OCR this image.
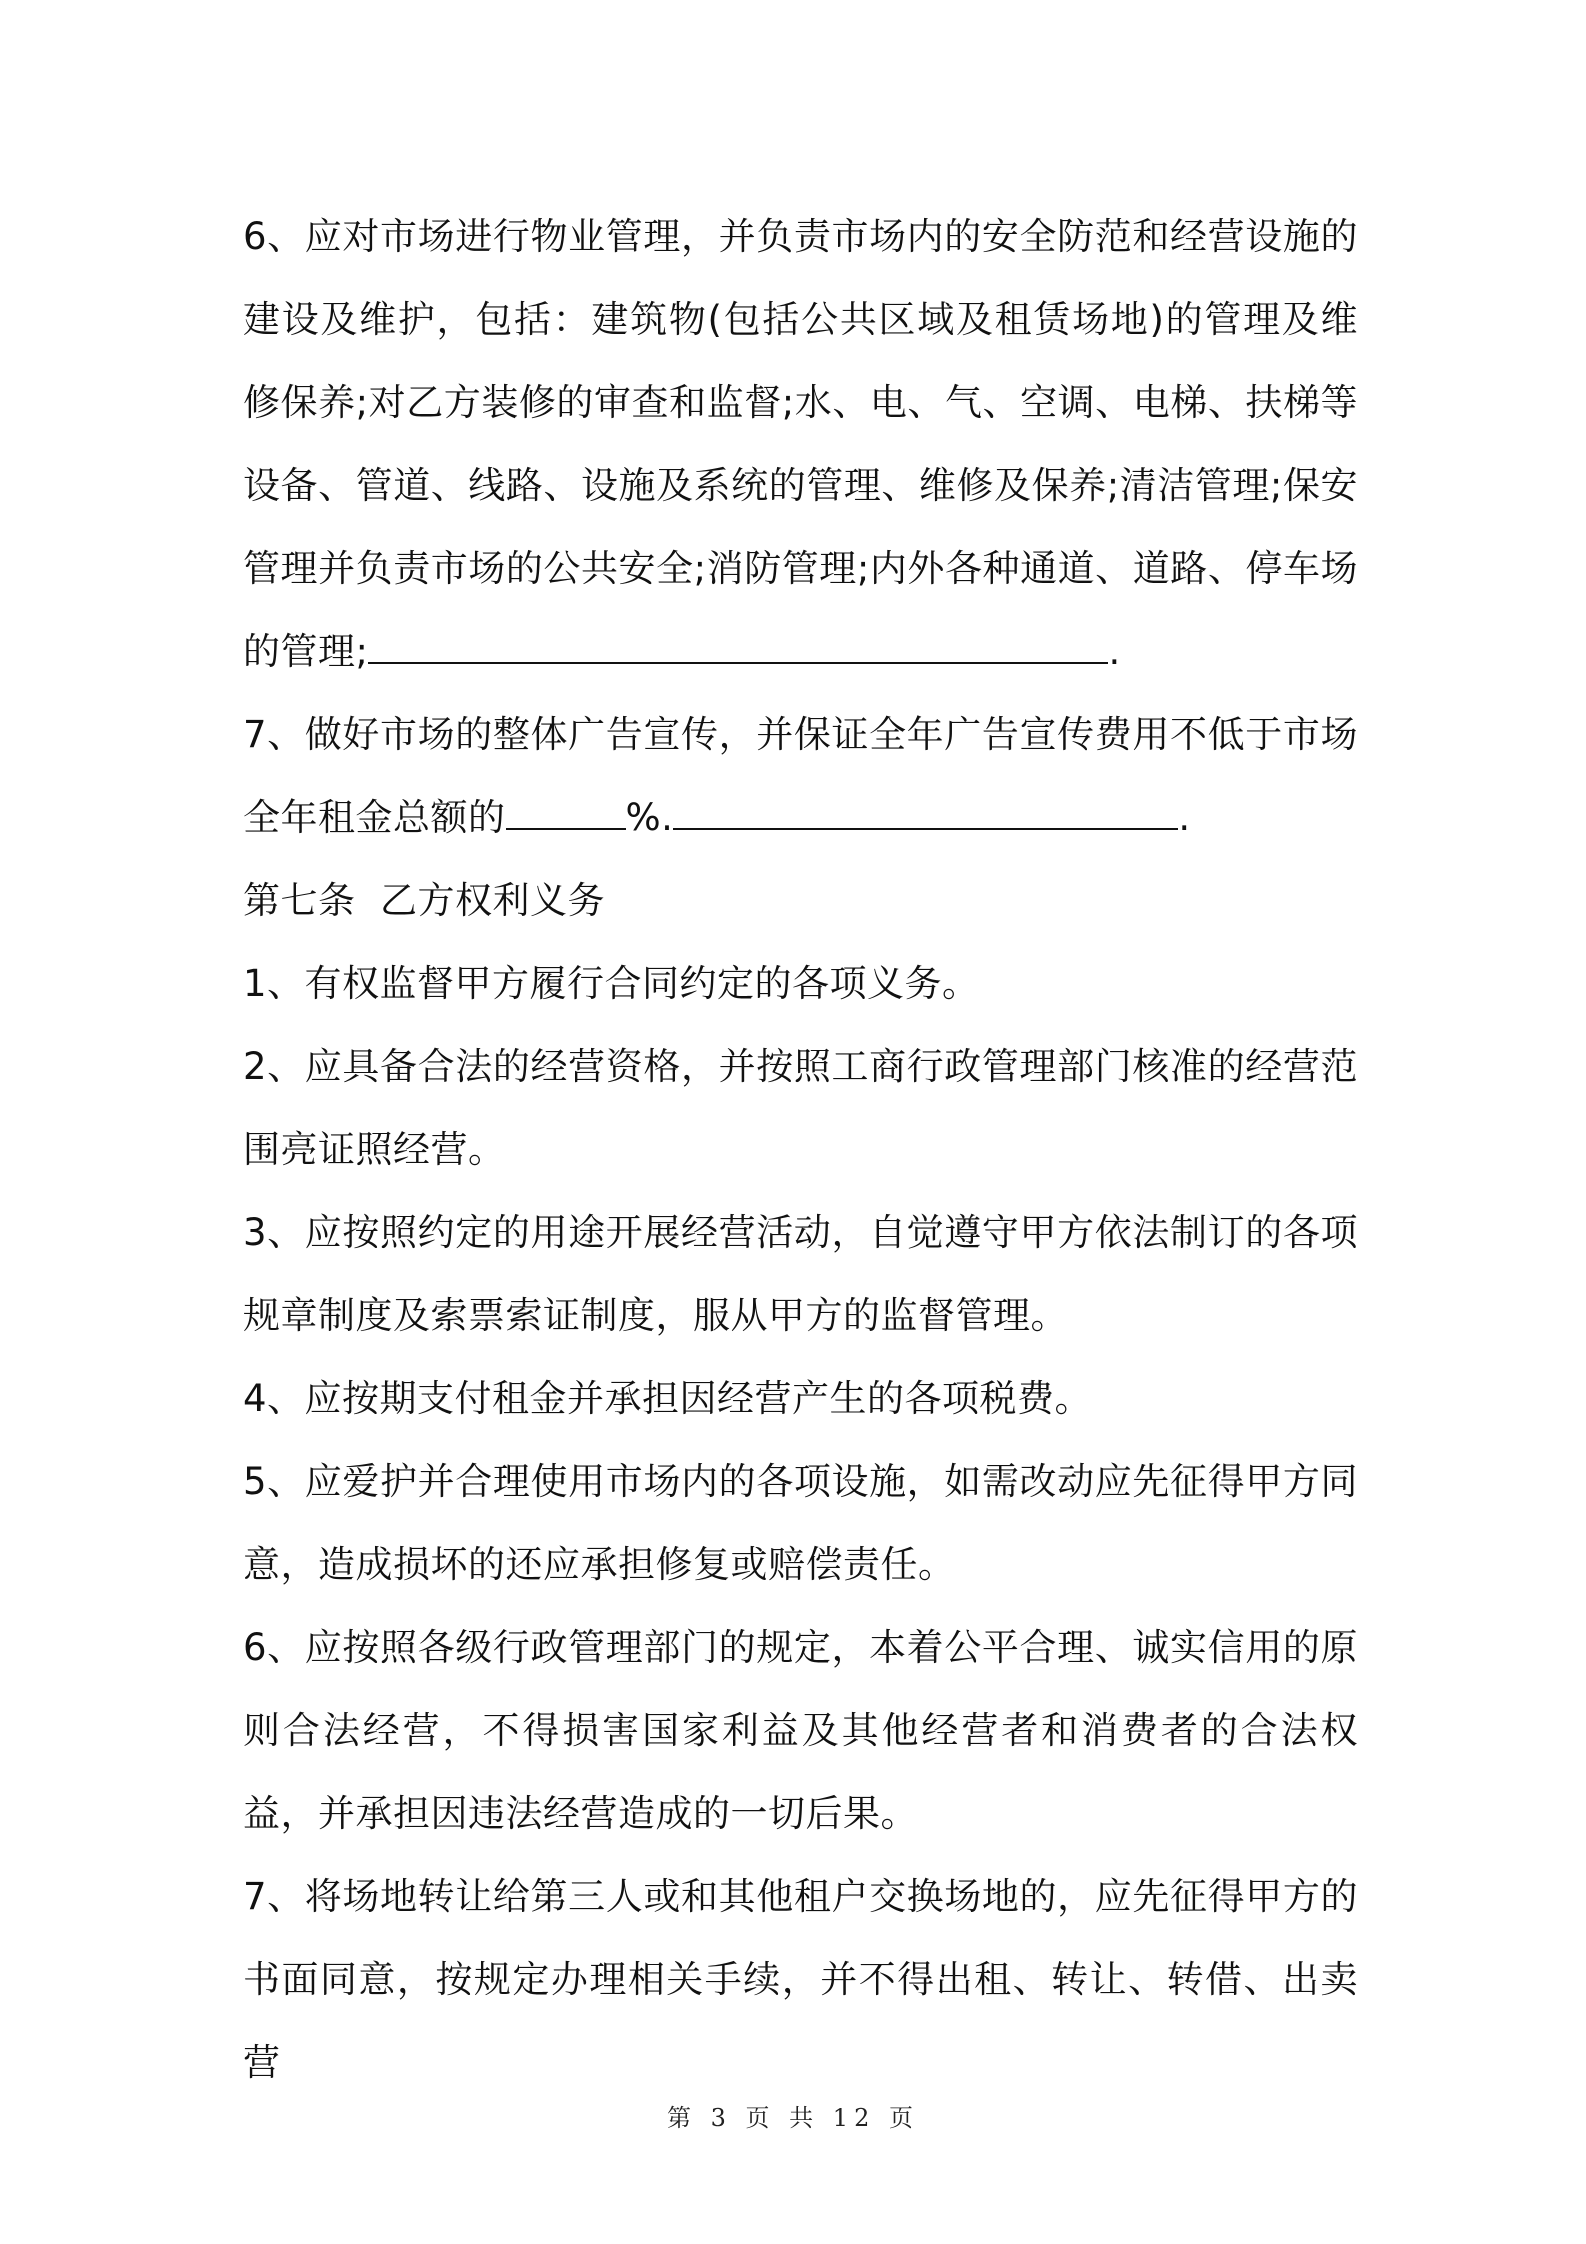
6、应对市场进行物业管理，并负责市场内的安全防范和经营设施的建设及维护，包括：建筑物(包括公共区域及租赁场地)的管理及维修保养;对乙方装修的审查和监督;水、电、气、空调、电梯、扶梯等设备、管道、线路、设施及系统的管理、维修及保养;清洁管理;保安管理并负责市场的公共安全;消防管理;内外各种通道、道路、停车场的管理;	.

7、做好市场的整体广告宣传，并保证全年广告宣传费用不低于市场全年租金总额的	%.	.

第七条  乙方权利义务

1、有权监督甲方履行合同约定的各项义务。

2、应具备合法的经营资格，并按照工商行政管理部门核准的经营范围亮证照经营。

3、应按照约定的用途开展经营活动，自觉遵守甲方依法制订的各项规章制度及索票索证制度，服从甲方的监督管理。

4、应按期支付租金并承担因经营产生的各项税费。

5、应爱护并合理使用市场内的各项设施，如需改动应先征得甲方同意，造成损坏的还应承担修复或赔偿责任。

6、应按照各级行政管理部门的规定，本着公平合理、诚实信用的原则合法经营，不得损害国家利益及其他经营者和消费者的合法权益，并承担因违法经营造成的一切后果。

7、将场地转让给第三人或和其他租户交换场地的，应先征得甲方的书面同意，按规定办理相关手续，并不得出租、转让、转借、出卖营

第 3 页 共 12 页
